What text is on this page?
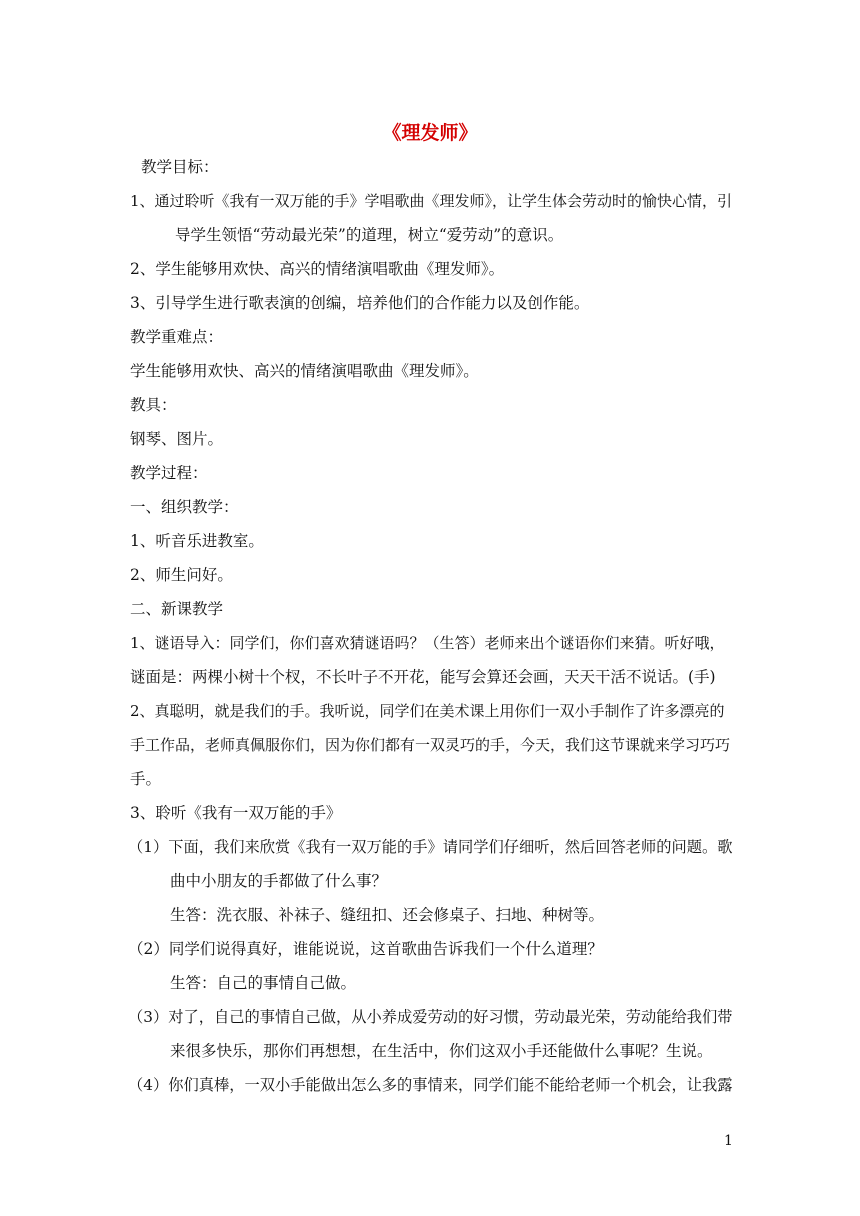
《理发师》
教学目标：
1、通过聆听《我有一双万能的手》学唱歌曲《理发师》，让学生体会劳动时的愉快心情，引
导学生领悟“劳动最光荣”的道理，树立“爱劳动”的意识。
2、学生能够用欢快、高兴的情绪演唱歌曲《理发师》。
3、引导学生进行歌表演的创编，培养他们的合作能力以及创作能。
教学重难点：
学生能够用欢快、高兴的情绪演唱歌曲《理发师》。
教具：
钢琴、图片。
教学过程：
一、组织教学：
1、听音乐进教室。
2、师生问好。
二、新课教学
1、谜语导入：同学们，你们喜欢猜谜语吗？（生答）老师来出个谜语你们来猜。听好哦，
谜面是：两棵小树十个杈，不长叶子不开花，能写会算还会画，天天干活不说话。(手)
2、真聪明，就是我们的手。我听说，同学们在美术课上用你们一双小手制作了许多漂亮的
手工作品，老师真佩服你们，因为你们都有一双灵巧的手，今天，我们这节课就来学习巧巧
手。
3、聆听《我有一双万能的手》
（1）下面，我们来欣赏《我有一双万能的手》请同学们仔细听，然后回答老师的问题。歌
曲中小朋友的手都做了什么事？
生答：洗衣服、补袜子、缝纽扣、还会修桌子、扫地、种树等。
（2）同学们说得真好，谁能说说，这首歌曲告诉我们一个什么道理？
生答：自己的事情自己做。
（3）对了，自己的事情自己做，从小养成爱劳动的好习惯，劳动最光荣，劳动能给我们带
来很多快乐，那你们再想想，在生活中，你们这双小手还能做什么事呢？生说。
（4）你们真棒，一双小手能做出怎么多的事情来，同学们能不能给老师一个机会，让我露
1
